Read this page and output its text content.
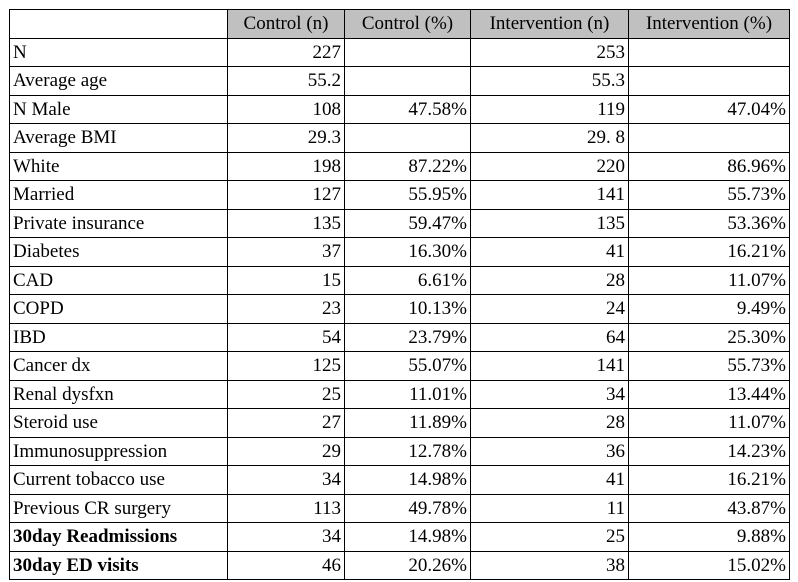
	Control (n)	Control (%)	Intervention (n)	Intervention (%)
N	227		253	
Average age	55.2		55.3	
N Male	108	47.58%	119	47.04%
Average BMI	29.3		29. 8	
White	198	87.22%	220	86.96%
Married	127	55.95%	141	55.73%
Private insurance	135	59.47%	135	53.36%
Diabetes	37	16.30%	41	16.21%
CAD	15	6.61%	28	11.07%
COPD	23	10.13%	24	9.49%
IBD	54	23.79%	64	25.30%
Cancer dx	125	55.07%	141	55.73%
Renal dysfxn	25	11.01%	34	13.44%
Steroid use	27	11.89%	28	11.07%
Immunosuppression	29	12.78%	36	14.23%
Current tobacco use	34	14.98%	41	16.21%
Previous CR surgery	113	49.78%	11	43.87%
30day Readmissions	34	14.98%	25	9.88%
30day ED visits	46	20.26%	38	15.02%
